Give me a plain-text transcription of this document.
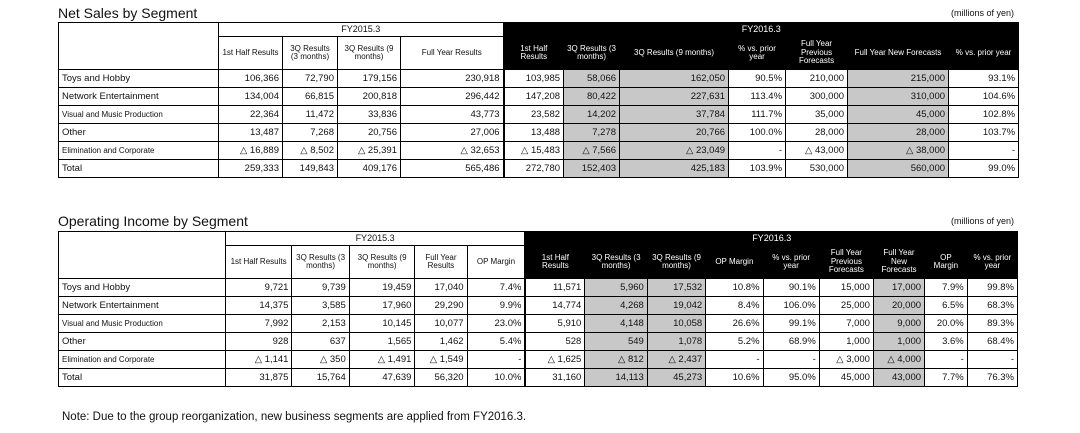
Net Sales by Segment	(millions of yen)
	FY2015.3				FY2016.3						
	1st Half Results	3Q Results (3 months)	3Q Results (9 months)	Full Year Results	1st Half Results	3Q Results (3 months)	3Q Results (9 months)	% vs. prior year	Full Year Previous Forecasts	Full Year New Forecasts	% vs. prior year
Toys and Hobby	106,366	72,790	179,156	230,918	103,985	58,066	162,050	90.5%	210,000	215,000	93.1%
Network Entertainment	134,004	66,815	200,818	296,442	147,208	80,422	227,631	113.4%	300,000	310,000	104.6%
Visual and Music Production	22,364	11,472	33,836	43,773	23,582	14,202	37,784	111.7%	35,000	45,000	102.8%
Other	13,487	7,268	20,756	27,006	13,488	7,278	20,766	100.0%	28,000	28,000	103.7%
Elimination and Corporate	△ 16,889	△ 8,502	△ 25,391	△ 32,653	△ 15,483	△ 7,566	△ 23,049	-	△ 43,000	△ 38,000	-
Total	259,333	149,843	409,176	565,486	272,780	152,403	425,183	103.9%	530,000	560,000	99.0%
Operating Income by Segment	(millions of yen)
	FY2015.3					FY2016.3								
	1st Half Results	3Q Results (3 months)	3Q Results (9 months)	Full Year Results	OP Margin	1st Half Results	3Q Results (3 months)	3Q Results (9 months)	OP Margin	% vs. prior year	Full Year Previous Forecasts	Full Year New Forecasts	OP Margin	% vs. prior year
Toys and Hobby	9,721	9,739	19,459	17,040	7.4%	11,571	5,960	17,532	10.8%	90.1%	15,000	17,000	7.9%	99.8%
Network Entertainment	14,375	3,585	17,960	29,290	9.9%	14,774	4,268	19,042	8.4%	106.0%	25,000	20,000	6.5%	68.3%
Visual and Music Production	7,992	2,153	10,145	10,077	23.0%	5,910	4,148	10,058	26.6%	99.1%	7,000	9,000	20.0%	89.3%
Other	928	637	1,565	1,462	5.4%	528	549	1,078	5.2%	68.9%	1,000	1,000	3.6%	68.4%
Elimination and Corporate	△ 1,141	△ 350	△ 1,491	△ 1,549	-	△ 1,625	△ 812	△ 2,437	-	-	△ 3,000	△ 4,000	-	-
Total	31,875	15,764	47,639	56,320	10.0%	31,160	14,113	45,273	10.6%	95.0%	45,000	43,000	7.7%	76.3%
Note: Due to the group reorganization, new business segments are applied from FY2016.3.
